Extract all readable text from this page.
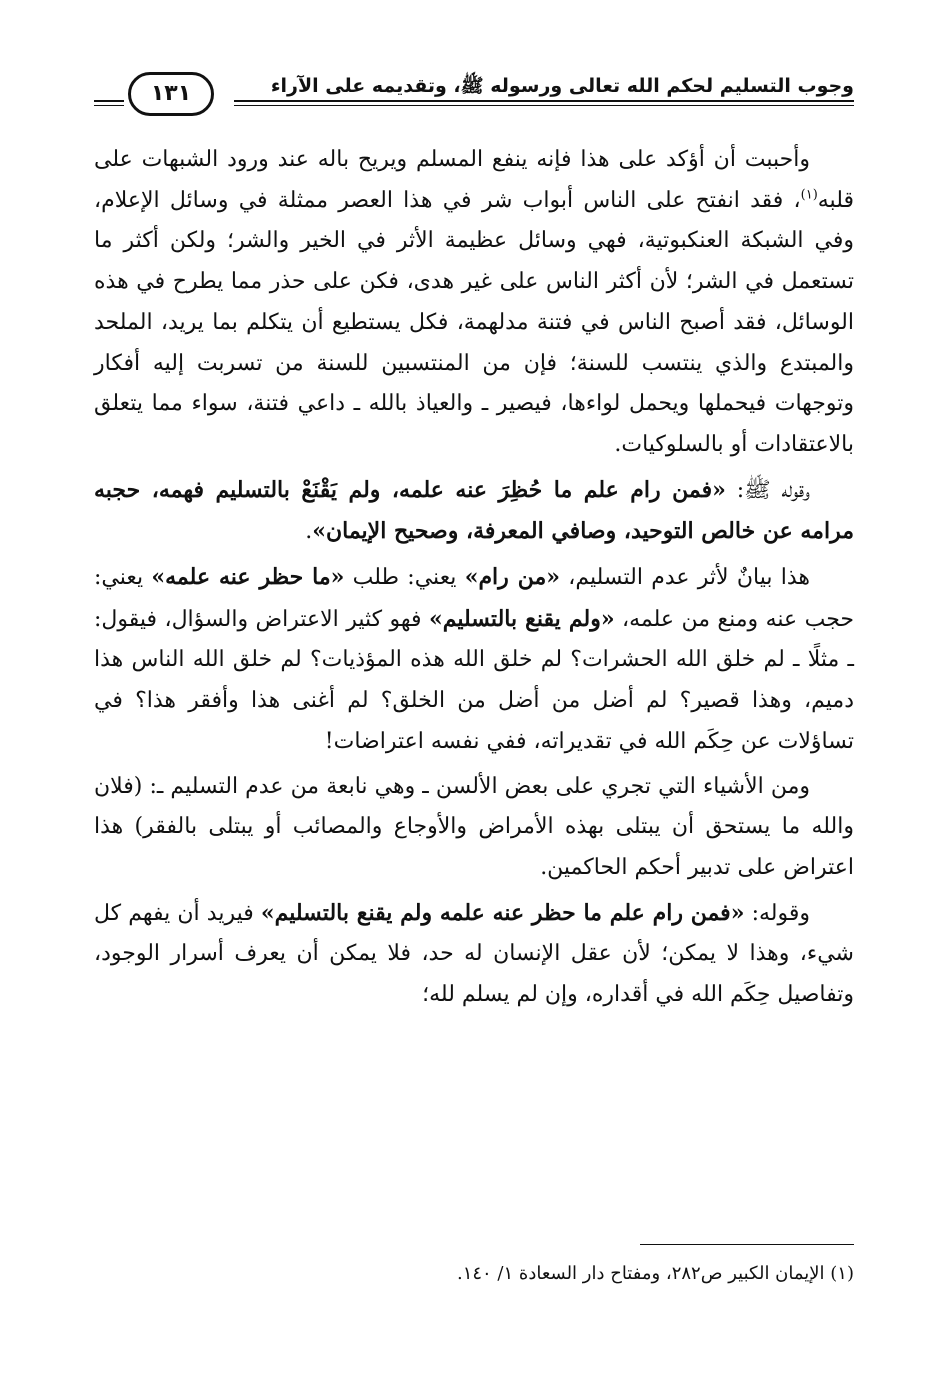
وجوب التسليم لحكم الله تعالى ورسوله ﷺ، وتقديمه على الآراء
١٣١

وأحببت أن أؤكد على هذا فإنه ينفع المسلم ويريح باله عند ورود الشبهات على قلبه$^{(١)}$، فقد انفتح على الناس أبواب شر في هذا العصر ممثلة في وسائل الإعلام، وفي الشبكة العنكبوتية، فهي وسائل عظيمة الأثر في الخير والشر؛ ولكن أكثر ما تستعمل في الشر؛ لأن أكثر الناس على غير هدى، فكن على حذر مما يطرح في هذه الوسائل، فقد أصبح الناس في فتنة مدلهمة، فكل يستطيع أن يتكلم بما يريد، الملحد والمبتدع والذي ينتسب للسنة؛ فإن من المنتسبين للسنة من تسربت إليه أفكار وتوجهات فيحملها ويحمل لواءها، فيصير ـ والعياذ بالله ـ داعي فتنة، سواء مما يتعلق بالاعتقادات أو بالسلوكيات.

وقوله ﷺ: «فمن رام علم ما حُظِرَ عنه علمه، ولم يَقْنَعْ بالتسليم فهمه، حجبه مرامه عن خالص التوحيد، وصافي المعرفة، وصحيح الإيمان».

هذا بيانٌ لأثر عدم التسليم، «من رام» يعني: طلب «ما حظر عنه علمه» يعني: حجب عنه ومنع من علمه، «ولم يقنع بالتسليم» فهو كثير الاعتراض والسؤال، فيقول: ـ مثلًا ـ لم خلق الله الحشرات؟ لم خلق الله هذه المؤذيات؟ لم خلق الله الناس هذا دميم، وهذا قصير؟ لم أضل من أضل من الخلق؟ لم أغنى هذا وأفقر هذا؟ في تساؤلات عن حِكَم الله في تقديراته، ففي نفسه اعتراضات!

ومن الأشياء التي تجري على بعض الألسن ـ وهي نابعة من عدم التسليم ـ: (فلان والله ما يستحق أن يبتلى بهذه الأمراض والأوجاع والمصائب أو يبتلى بالفقر) هذا اعتراض على تدبير أحكم الحاكمين.

وقوله: «فمن رام علم ما حظر عنه علمه ولم يقنع بالتسليم» فيريد أن يفهم كل شيء، وهذا لا يمكن؛ لأن عقل الإنسان له حد، فلا يمكن أن يعرف أسرار الوجود، وتفاصيل حِكَم الله في أقداره، وإن لم يسلم لله؛

(١) الإيمان الكبير ص٢٨٢، ومفتاح دار السعادة ١/ ١٤٠.
